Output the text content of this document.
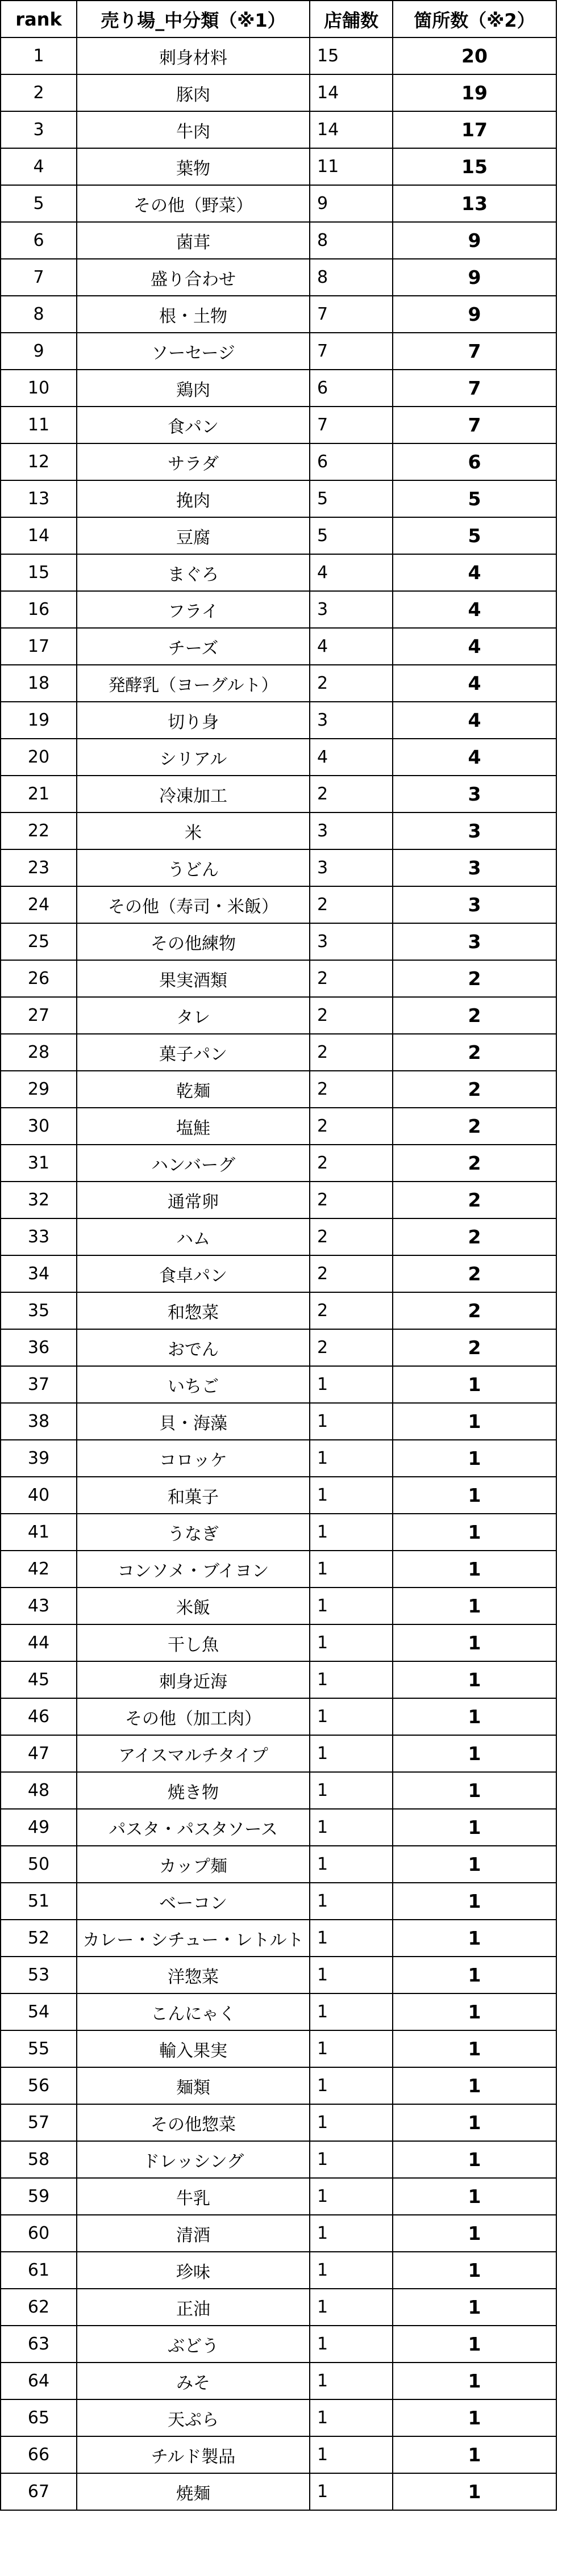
rank	売り場_中分類（※1）	店舗数	箇所数（※2）
1	刺身材料	15	20
2	豚肉	14	19
3	牛肉	14	17
4	葉物	11	15
5	その他（野菜）	9	13
6	菌茸	8	9
7	盛り合わせ	8	9
8	根・土物	7	9
9	ソーセージ	7	7
10	鶏肉	6	7
11	食パン	7	7
12	サラダ	6	6
13	挽肉	5	5
14	豆腐	5	5
15	まぐろ	4	4
16	フライ	3	4
17	チーズ	4	4
18	発酵乳（ヨーグルト）	2	4
19	切り身	3	4
20	シリアル	4	4
21	冷凍加工	2	3
22	米	3	3
23	うどん	3	3
24	その他（寿司・米飯）	2	3
25	その他練物	3	3
26	果実酒類	2	2
27	タレ	2	2
28	菓子パン	2	2
29	乾麺	2	2
30	塩鮭	2	2
31	ハンバーグ	2	2
32	通常卵	2	2
33	ハム	2	2
34	食卓パン	2	2
35	和惣菜	2	2
36	おでん	2	2
37	いちご	1	1
38	貝・海藻	1	1
39	コロッケ	1	1
40	和菓子	1	1
41	うなぎ	1	1
42	コンソメ・ブイヨン	1	1
43	米飯	1	1
44	干し魚	1	1
45	刺身近海	1	1
46	その他（加工肉）	1	1
47	アイスマルチタイプ	1	1
48	焼き物	1	1
49	パスタ・パスタソース	1	1
50	カップ麺	1	1
51	ベーコン	1	1
52	カレー・シチュー・レトルト	1	1
53	洋惣菜	1	1
54	こんにゃく	1	1
55	輸入果実	1	1
56	麺類	1	1
57	その他惣菜	1	1
58	ドレッシング	1	1
59	牛乳	1	1
60	清酒	1	1
61	珍味	1	1
62	正油	1	1
63	ぶどう	1	1
64	みそ	1	1
65	天ぷら	1	1
66	チルド製品	1	1
67	焼麺	1	1
